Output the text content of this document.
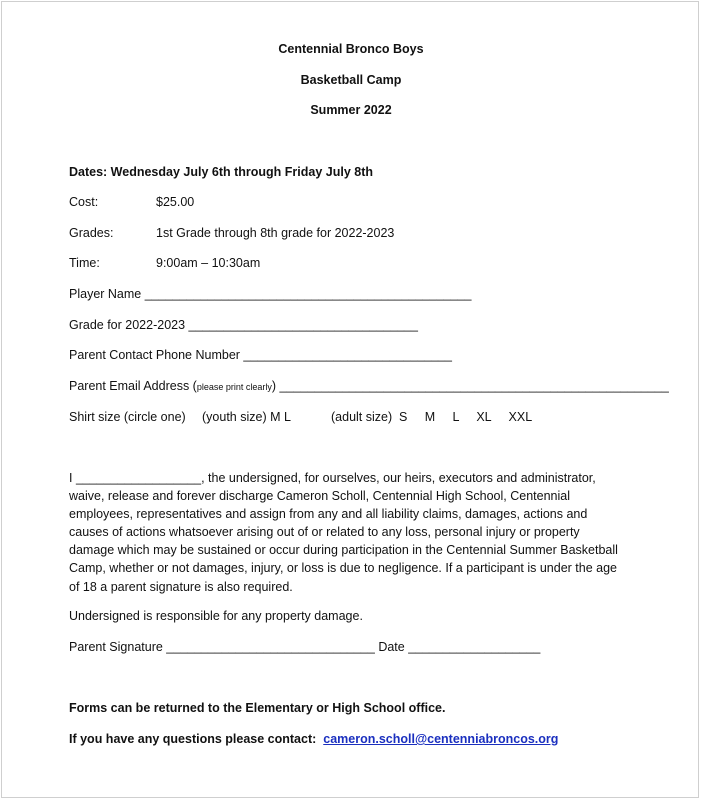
Centennial Bronco Boys
Basketball Camp
Summer 2022
Dates: Wednesday July 6th through Friday July 8th
Cost:	$25.00
Grades:	1st Grade through 8th grade for 2022-2023
Time:	9:00am – 10:30am
Player Name _______________________________________________
Grade for 2022-2023 _________________________________
Parent Contact Phone Number ______________________________
Parent Email Address (please print clearly) ________________________________________________________
Shirt size (circle one) (youth size) M L	(adult size) S     M     L     XL     XXL
I __________________, the undersigned, for ourselves, our heirs, executors and administrator, waive, release and forever discharge Cameron Scholl, Centennial High School, Centennial employees, representatives and assign from any and all liability claims, damages, actions and causes of actions whatsoever arising out of or related to any loss, personal injury or property damage which may be sustained or occur during participation in the Centennial Summer Basketball Camp, whether or not damages, injury, or loss is due to negligence. If a participant is under the age of 18 a parent signature is also required.
Undersigned is responsible for any property damage.
Parent Signature ______________________________ Date ___________________
Forms can be returned to the Elementary or High School office.
If you have any questions please contact: cameron.scholl@centenniabroncos.org
